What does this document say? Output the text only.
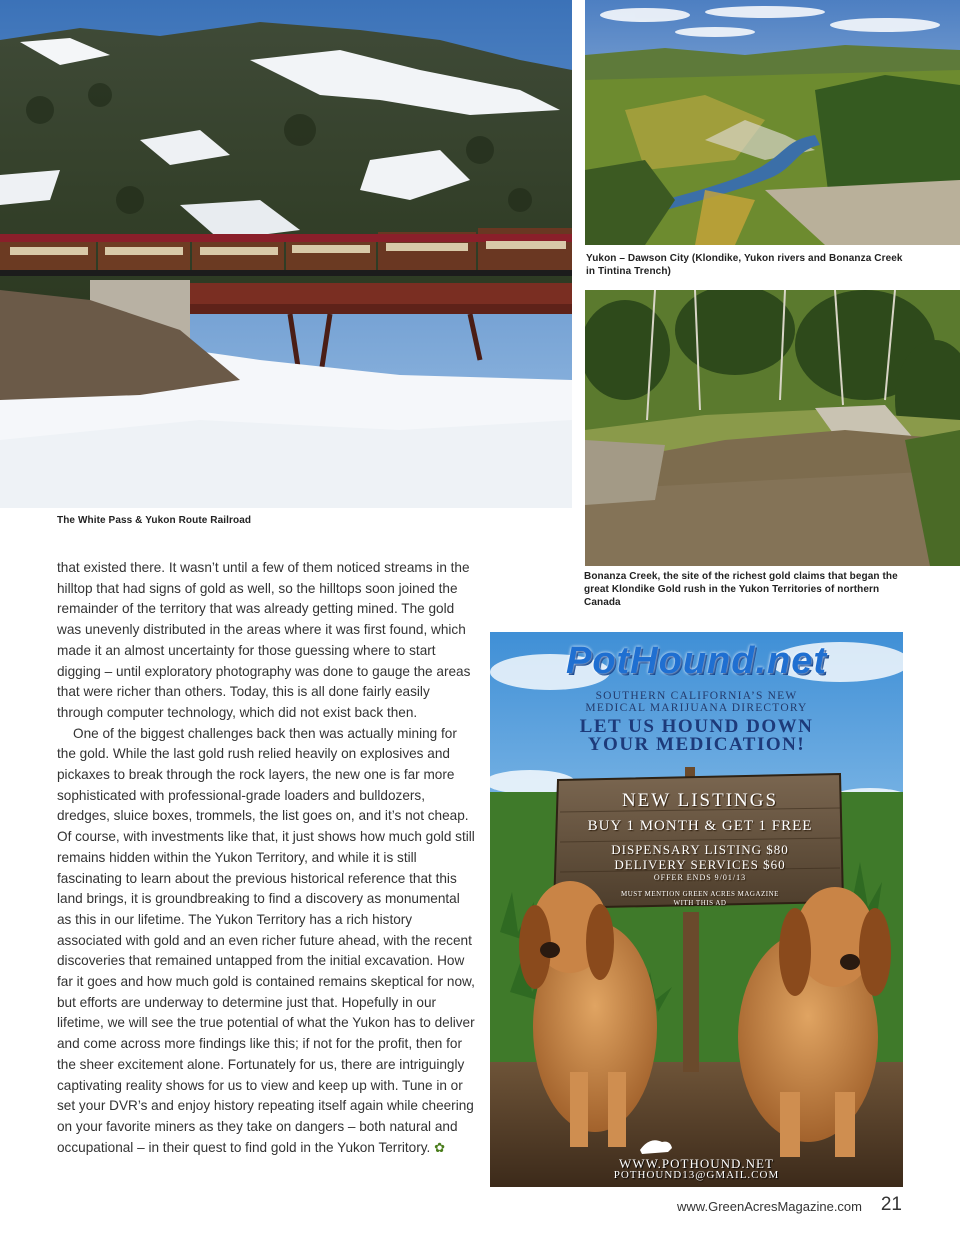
The White Pass & Yukon Route Railroad
Yukon – Dawson City (Klondike, Yukon rivers and Bonanza Creek in Tintina Trench)
Bonanza Creek, the site of the richest gold claims that began the great Klondike Gold rush in the Yukon Territories of northern Canada

that existed there. It wasn’t until a few of them noticed streams in the hilltop that had signs of gold as well, so the hilltops soon joined the remainder of the territory that was already getting mined. The gold was unevenly distributed in the areas where it was first found, which made it an almost uncertainty for those guessing where to start digging – until exploratory photography was done to gauge the areas that were richer than others. Today, this is all done fairly easily through computer technology, which did not exist back then.

One of the biggest challenges back then was actually mining for the gold. While the last gold rush relied heavily on explosives and pickaxes to break through the rock layers, the new one is far more sophisticated with professional-grade loaders and bulldozers, dredges, sluice boxes, trommels, the list goes on, and it’s not cheap. Of course, with investments like that, it just shows how much gold still remains hidden within the Yukon Territory, and while it is still fascinating to learn about the previous historical reference that this land brings, it is groundbreaking to find a discovery as monumental as this in our lifetime. The Yukon Territory has a rich history associated with gold and an even richer future ahead, with the recent discoveries that remained untapped from the initial excavation. How far it goes and how much gold is contained remains skeptical for now, but efforts are underway to determine just that. Hopefully in our lifetime, we will see the true potential of what the Yukon has to deliver and come across more findings like this; if not for the profit, then for the sheer excitement alone. Fortunately for us, there are intriguingly captivating reality shows for us to view and keep up with. Tune in or set your DVR’s and enjoy history repeating itself again while cheering on your favorite miners as they take on dangers – both natural and occupational – in their quest to find gold in the Yukon Territory. ✿

PotHound.net
SOUTHERN CALIFORNIA’S NEW
MEDICAL MARIJUANA DIRECTORY
LET US HOUND DOWN
YOUR MEDICATION!
NEW LISTINGS
BUY 1 MONTH & GET 1 FREE
DISPENSARY LISTING $80
DELIVERY SERVICES $60
OFFER ENDS 9/01/13
MUST MENTION GREEN ACRES MAGAZINE
WITH THIS AD
WWW.POTHOUND.NET
POTHOUND13@GMAIL.COM
www.GreenAcresMagazine.com 21
